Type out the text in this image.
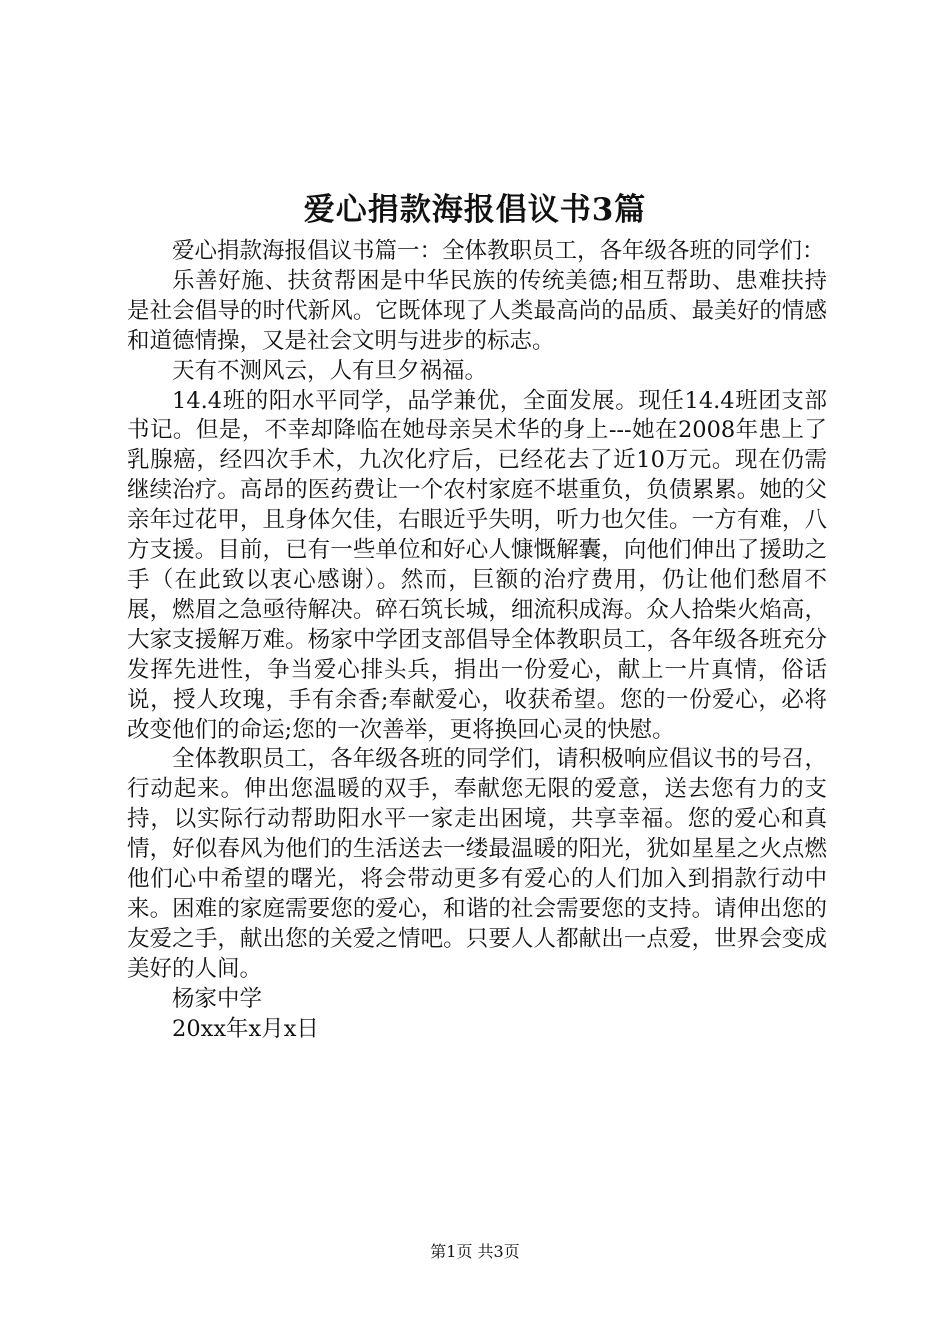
爱心捐款海报倡议书3篇

爱心捐款海报倡议书篇一：全体教职员工，各年级各班的同学们：

乐善好施、扶贫帮困是中华民族的传统美德;相互帮助、患难扶持是社会倡导的时代新风。它既体现了人类最高尚的品质、最美好的情感和道德情操，又是社会文明与进步的标志。

天有不测风云，人有旦夕祸福。

14.4班的阳水平同学，品学兼优，全面发展。现任14.4班团支部书记。但是，不幸却降临在她母亲吴术华的身上---她在2008年患上了乳腺癌，经四次手术，九次化疗后，已经花去了近10万元。现在仍需继续治疗。高昂的医药费让一个农村家庭不堪重负，负债累累。她的父亲年过花甲，且身体欠佳，右眼近乎失明，听力也欠佳。一方有难，八方支援。目前，已有一些单位和好心人慷慨解囊，向他们伸出了援助之手（在此致以衷心感谢）。然而，巨额的治疗费用，仍让他们愁眉不展，燃眉之急亟待解决。碎石筑长城，细流积成海。众人拾柴火焰高，大家支援解万难。杨家中学团支部倡导全体教职员工，各年级各班充分发挥先进性，争当爱心排头兵，捐出一份爱心，献上一片真情，俗话说，授人玫瑰，手有余香;奉献爱心，收获希望。您的一份爱心，必将改变他们的命运;您的一次善举，更将换回心灵的快慰。

全体教职员工，各年级各班的同学们，请积极响应倡议书的号召，行动起来。伸出您温暖的双手，奉献您无限的爱意，送去您有力的支持，以实际行动帮助阳水平一家走出困境，共享幸福。您的爱心和真情，好似春风为他们的生活送去一缕最温暖的阳光，犹如星星之火点燃他们心中希望的曙光，将会带动更多有爱心的人们加入到捐款行动中来。困难的家庭需要您的爱心，和谐的社会需要您的支持。请伸出您的友爱之手，献出您的关爱之情吧。只要人人都献出一点爱，世界会变成美好的人间。

杨家中学

20xx年x月x日

第1页 共3页
